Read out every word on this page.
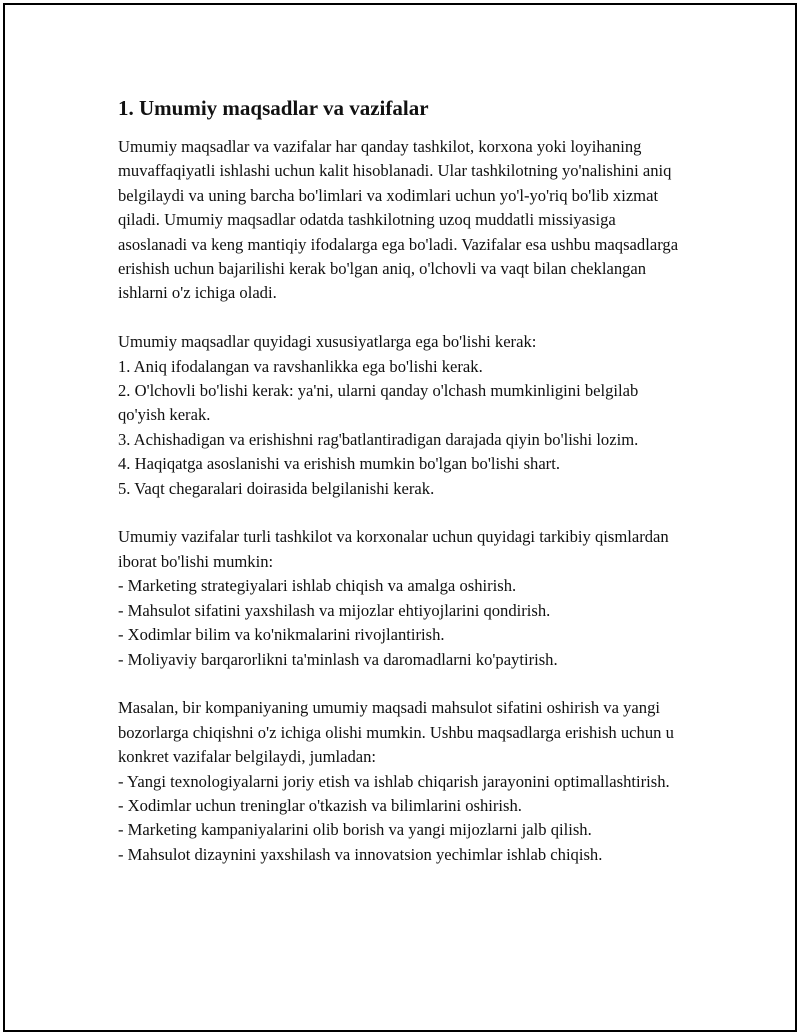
1. Umumiy maqsadlar va vazifalar

Umumiy maqsadlar va vazifalar har qanday tashkilot, korxona yoki loyihaning muvaffaqiyatli ishlashi uchun kalit hisoblanadi. Ular tashkilotning yo'nalishini aniq belgilaydi va uning barcha bo'limlari va xodimlari uchun yo'l-yo'riq bo'lib xizmat qiladi. Umumiy maqsadlar odatda tashkilotning uzoq muddatli missiyasiga asoslanadi va keng mantiqiy ifodalarga ega bo'ladi. Vazifalar esa ushbu maqsadlarga erishish uchun bajarilishi kerak bo'lgan aniq, o'lchovli va vaqt bilan cheklangan ishlarni o'z ichiga oladi.

Umumiy maqsadlar quyidagi xususiyatlarga ega bo'lishi kerak:
1. Aniq ifodalangan va ravshanlikka ega bo'lishi kerak.
2. O'lchovli bo'lishi kerak: ya'ni, ularni qanday o'lchash mumkinligini belgilab qo'yish kerak.
3. Achishadigan va erishishni rag'batlantiradigan darajada qiyin bo'lishi lozim.
4. Haqiqatga asoslanishi va erishish mumkin bo'lgan bo'lishi shart.
5. Vaqt chegaralari doirasida belgilanishi kerak.

Umumiy vazifalar turli tashkilot va korxonalar uchun quyidagi tarkibiy qismlardan iborat bo'lishi mumkin:
- Marketing strategiyalari ishlab chiqish va amalga oshirish.
- Mahsulot sifatini yaxshilash va mijozlar ehtiyojlarini qondirish.
- Xodimlar bilim va ko'nikmalarini rivojlantirish.
- Moliyaviy barqarorlikni ta'minlash va daromadlarni ko'paytirish.

Masalan, bir kompaniyaning umumiy maqsadi mahsulot sifatini oshirish va yangi bozorlarga chiqishni o'z ichiga olishi mumkin. Ushbu maqsadlarga erishish uchun u konkret vazifalar belgilaydi, jumladan:
- Yangi texnologiyalarni joriy etish va ishlab chiqarish jarayonini optimallashtirish.
- Xodimlar uchun treninglar o'tkazish va bilimlarini oshirish.
- Marketing kampaniyalarini olib borish va yangi mijozlarni jalb qilish.
- Mahsulot dizaynini yaxshilash va innovatsion yechimlar ishlab chiqish.
